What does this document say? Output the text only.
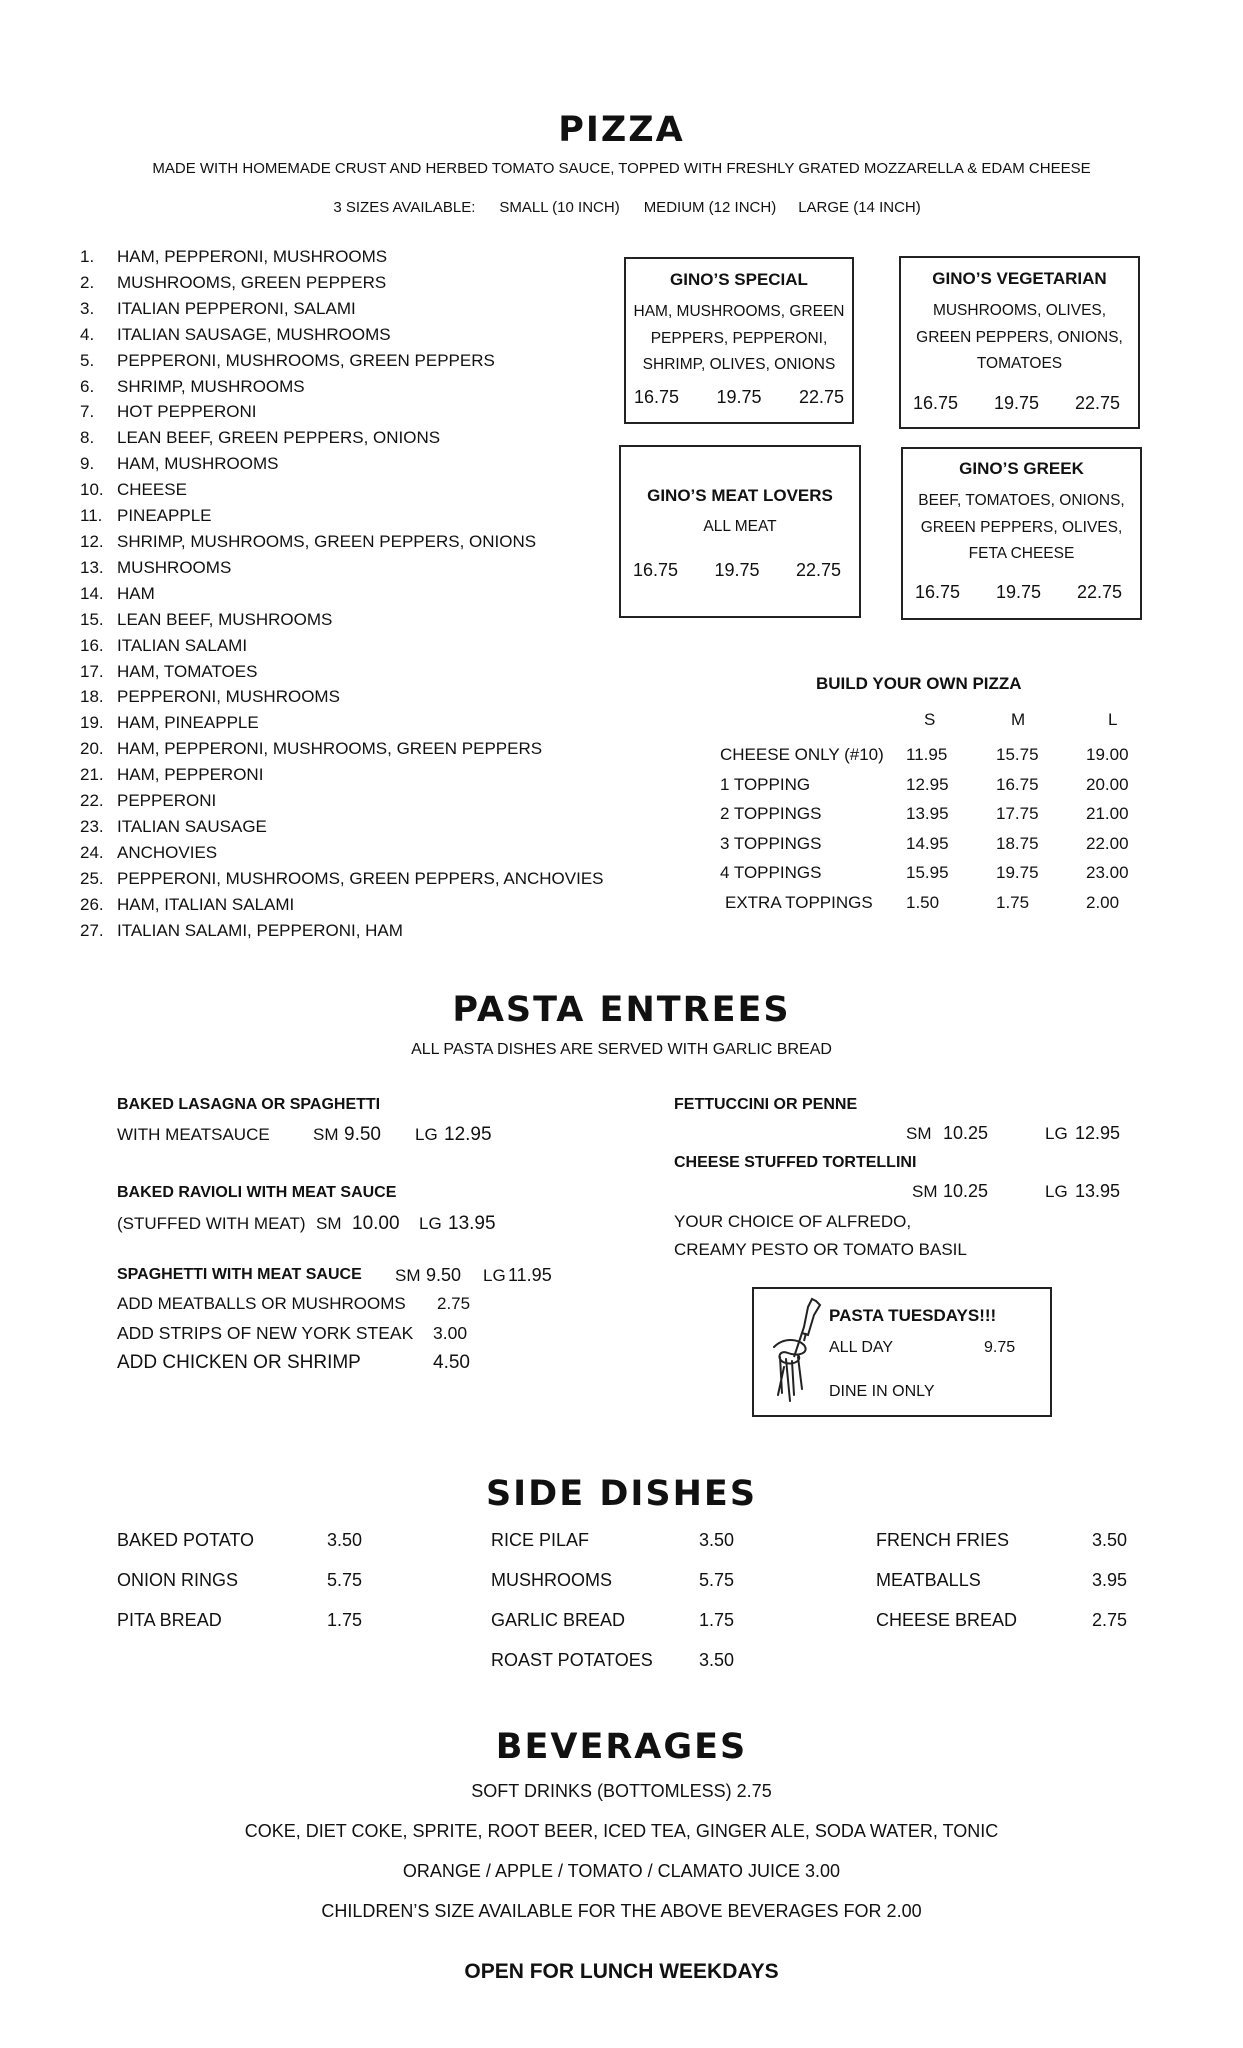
PIZZA
MADE WITH HOMEMADE CRUST AND HERBED TOMATO SAUCE, TOPPED WITH FRESHLY GRATED MOZZARELLA & EDAM CHEESE

3 SIZES AVAILABLE: SMALL (10 INCH) MEDIUM (12 INCH) LARGE (14 INCH)

1. HAM, PEPPERONI, MUSHROOMS
2. MUSHROOMS, GREEN PEPPERS
3. ITALIAN PEPPERONI, SALAMI
4. ITALIAN SAUSAGE, MUSHROOMS
5. PEPPERONI, MUSHROOMS, GREEN PEPPERS
6. SHRIMP, MUSHROOMS
7. HOT PEPPERONI
8. LEAN BEEF, GREEN PEPPERS, ONIONS
9. HAM, MUSHROOMS
10. CHEESE
11. PINEAPPLE
12. SHRIMP, MUSHROOMS, GREEN PEPPERS, ONIONS
13. MUSHROOMS
14. HAM
15. LEAN BEEF, MUSHROOMS
16. ITALIAN SALAMI
17. HAM, TOMATOES
18. PEPPERONI, MUSHROOMS
19. HAM, PINEAPPLE
20. HAM, PEPPERONI, MUSHROOMS, GREEN PEPPERS
21. HAM, PEPPERONI
22. PEPPERONI
23. ITALIAN SAUSAGE
24. ANCHOVIES
25. PEPPERONI, MUSHROOMS, GREEN PEPPERS, ANCHOVIES
26. HAM, ITALIAN SALAMI
27. ITALIAN SALAMI, PEPPERONI, HAM
GINO’S SPECIAL
HAM, MUSHROOMS, GREEN
PEPPERS, PEPPERONI,
SHRIMP, OLIVES, ONIONS
16.75 19.75 22.75
GINO’S VEGETARIAN
MUSHROOMS, OLIVES,
GREEN PEPPERS, ONIONS,
TOMATOES
16.75 19.75 22.75
GINO’S MEAT LOVERS
ALL MEAT
16.75 19.75 22.75
GINO’S GREEK
BEEF, TOMATOES, ONIONS,
GREEN PEPPERS, OLIVES,
FETA CHEESE
16.75 19.75 22.75
BUILD YOUR OWN PIZZA
S	M	L
CHEESE ONLY (#10) 11.95	15.75	19.00
1 TOPPING	12.95	16.75	20.00
2 TOPPINGS	13.95	17.75	21.00
3 TOPPINGS	14.95	18.75	22.00
4 TOPPINGS	15.95	19.75	23.00
EXTRA TOPPINGS 1.50	1.75	2.00
PASTA ENTREES
ALL PASTA DISHES ARE SERVED WITH GARLIC BREAD
BAKED LASAGNA OR SPAGHETTI
WITH MEATSAUCE	SM 9.50 LG 12.95
BAKED RAVIOLI WITH MEAT SAUCE
(STUFFED WITH MEAT) SM 10.00 LG 13.95
SPAGHETTI WITH MEAT SAUCE SM 9.50 LG 11.95
ADD MEATBALLS OR MUSHROOMS 2.75
ADD STRIPS OF NEW YORK STEAK 3.00
ADD CHICKEN OR SHRIMP	4.50
FETTUCCINI OR PENNE
SM 10.25	LG 12.95
CHEESE STUFFED TORTELLINI
SM 10.25	LG 13.95
YOUR CHOICE OF ALFREDO,
CREAMY PESTO OR TOMATO BASIL
PASTA TUESDAYS!!!
ALL DAY	9.75
DINE IN ONLY
SIDE DISHES
BAKED POTATO	3.50
ONION RINGS	5.75
PITA BREAD	1.75
RICE PILAF	3.50
MUSHROOMS	5.75
GARLIC BREAD	1.75
ROAST POTATOES	3.50
FRENCH FRIES	3.50
MEATBALLS	3.95
CHEESE BREAD	2.75
BEVERAGES
SOFT DRINKS (BOTTOMLESS) 2.75
COKE, DIET COKE, SPRITE, ROOT BEER, ICED TEA, GINGER ALE, SODA WATER, TONIC
ORANGE / APPLE / TOMATO / CLAMATO JUICE 3.00
CHILDREN’S SIZE AVAILABLE FOR THE ABOVE BEVERAGES FOR 2.00
OPEN FOR LUNCH WEEKDAYS
